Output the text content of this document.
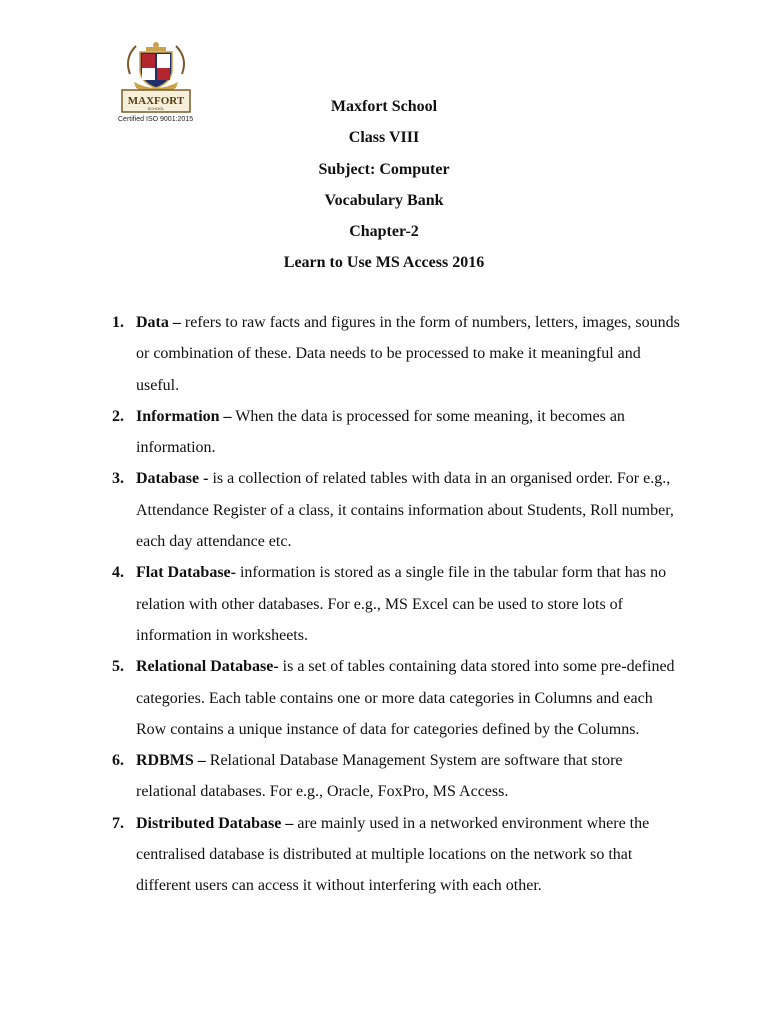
MAXFORT
SCHOOL
Certified ISO 9001:2015

Maxfort School

Class VIII

Subject: Computer

Vocabulary Bank

Chapter-2

Learn to Use MS Access 2016

1. Data – refers to raw facts and figures in the form of numbers, letters, images, sounds or combination of these. Data needs to be processed to make it meaningful and useful.
2. Information – When the data is processed for some meaning, it becomes an information.
3. Database - is a collection of related tables with data in an organised order. For e.g., Attendance Register of a class, it contains information about Students, Roll number, each day attendance etc.
4. Flat Database- information is stored as a single file in the tabular form that has no relation with other databases. For e.g., MS Excel can be used to store lots of information in worksheets.
5. Relational Database- is a set of tables containing data stored into some pre-defined categories. Each table contains one or more data categories in Columns and each Row contains a unique instance of data for categories defined by the Columns.
6. RDBMS – Relational Database Management System are software that store relational databases. For e.g., Oracle, FoxPro, MS Access.
7. Distributed Database – are mainly used in a networked environment where the centralised database is distributed at multiple locations on the network so that different users can access it without interfering with each other.
